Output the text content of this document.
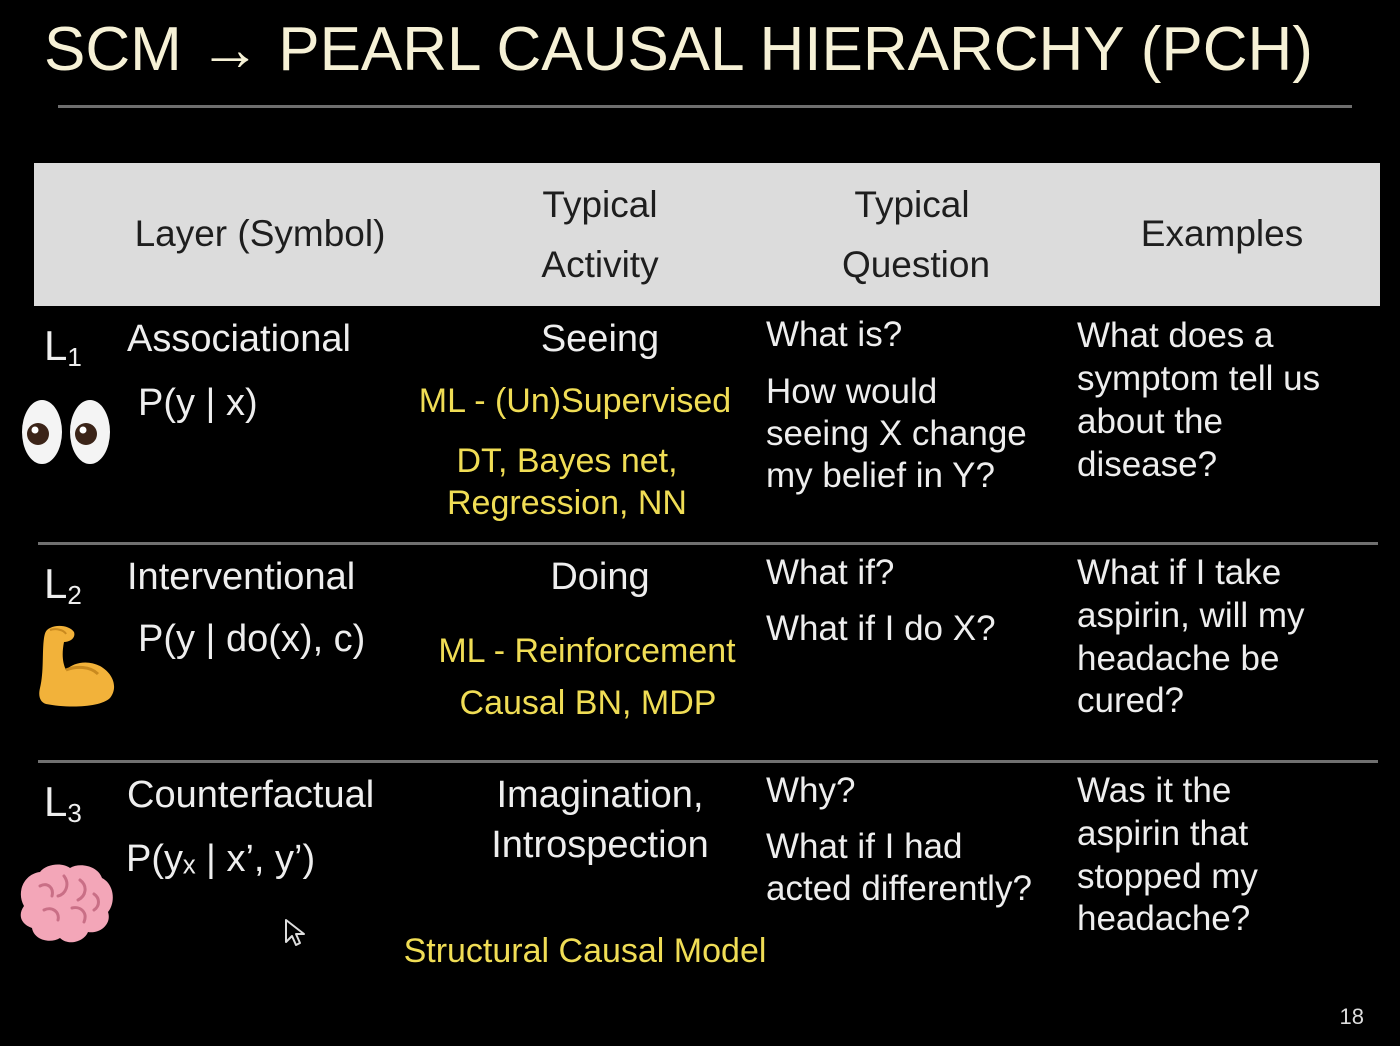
SCM → PEARL CAUSAL HIERARCHY (PCH)
Layer (Symbol)
Typical
Activity
Typical
Question
Examples
$L_1$ Associational
P(y | x)
Seeing
ML - (Un)Supervised
DT, Bayes net,
Regression, NN
What is?
How would
seeing X change
my belief in Y?
What does a
symptom tell us
about the
disease?
$L_2$ Interventional
P(y | do(x), c)
Doing
ML - Reinforcement
Causal BN, MDP
What if?
What if I do X?
What if I take
aspirin, will my
headache be
cured?
$L_3$ Counterfactual
P(yₓ | x’, y’)
Imagination,
Introspection
Structural Causal Model
Why?
What if I had
acted differently?
Was it the
aspirin that
stopped my
headache?
18
